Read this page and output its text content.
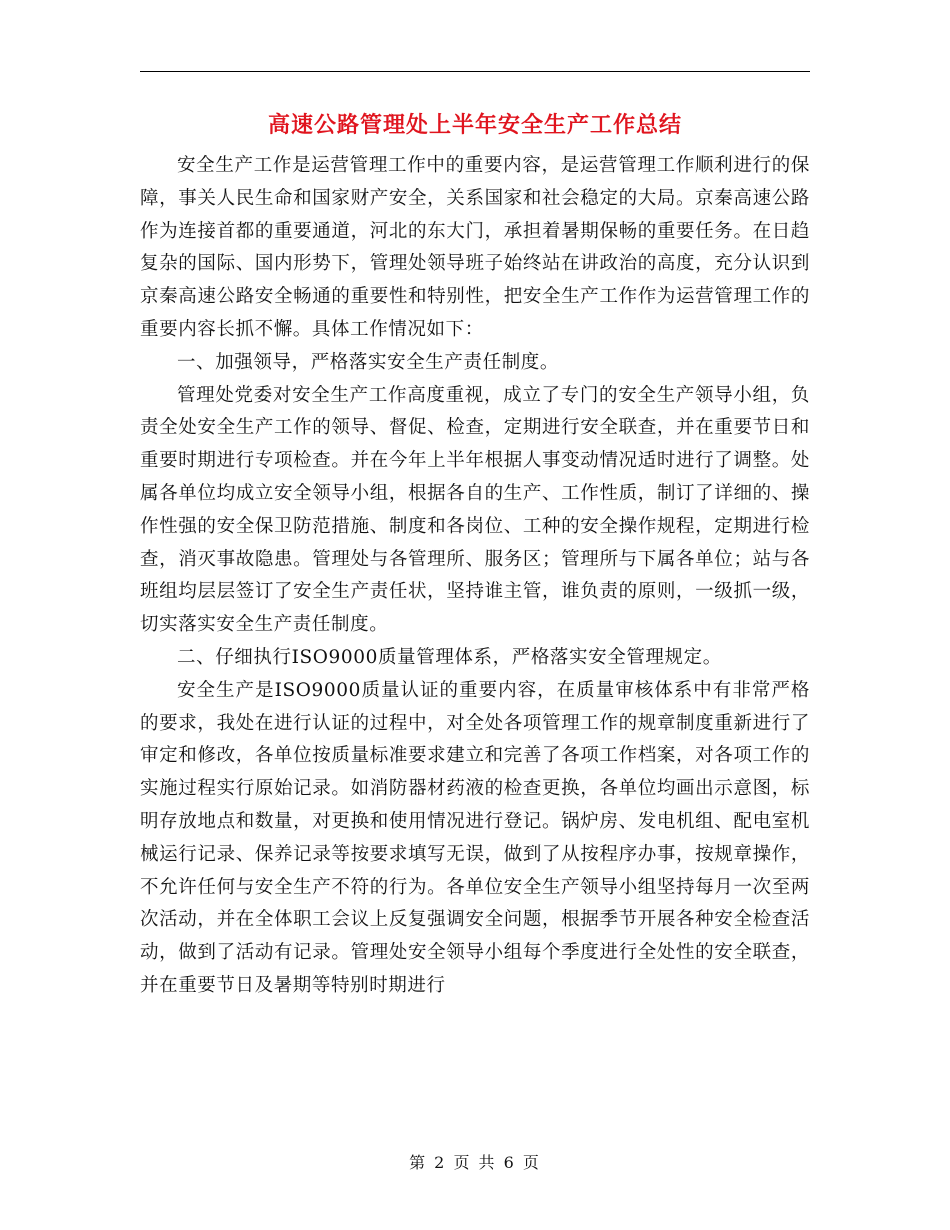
高速公路管理处上半年安全生产工作总结

安全生产工作是运营管理工作中的重要内容，是运营管理工作顺利进行的保障，事关人民生命和国家财产安全，关系国家和社会稳定的大局。京秦高速公路作为连接首都的重要通道，河北的东大门，承担着暑期保畅的重要任务。在日趋复杂的国际、国内形势下，管理处领导班子始终站在讲政治的高度，充分认识到京秦高速公路安全畅通的重要性和特别性，把安全生产工作作为运营管理工作的重要内容长抓不懈。具体工作情况如下：

一、加强领导，严格落实安全生产责任制度。

管理处党委对安全生产工作高度重视，成立了专门的安全生产领导小组，负责全处安全生产工作的领导、督促、检查，定期进行安全联查，并在重要节日和重要时期进行专项检查。并在今年上半年根据人事变动情况适时进行了调整。处属各单位均成立安全领导小组，根据各自的生产、工作性质，制订了详细的、操作性强的安全保卫防范措施、制度和各岗位、工种的安全操作规程，定期进行检查，消灭事故隐患。管理处与各管理所、服务区；管理所与下属各单位；站与各班组均层层签订了安全生产责任状，坚持谁主管，谁负责的原则，一级抓一级，切实落实安全生产责任制度。

二、仔细执行ISO9000质量管理体系，严格落实安全管理规定。

安全生产是ISO9000质量认证的重要内容，在质量审核体系中有非常严格的要求，我处在进行认证的过程中，对全处各项管理工作的规章制度重新进行了审定和修改，各单位按质量标准要求建立和完善了各项工作档案，对各项工作的实施过程实行原始记录。如消防器材药液的检查更换，各单位均画出示意图，标明存放地点和数量，对更换和使用情况进行登记。锅炉房、发电机组、配电室机械运行记录、保养记录等按要求填写无误，做到了从按程序办事，按规章操作，不允许任何与安全生产不符的行为。各单位安全生产领导小组坚持每月一次至两次活动，并在全体职工会议上反复强调安全问题，根据季节开展各种安全检查活动，做到了活动有记录。管理处安全领导小组每个季度进行全处性的安全联查，并在重要节日及暑期等特别时期进行

第 2 页 共 6 页
